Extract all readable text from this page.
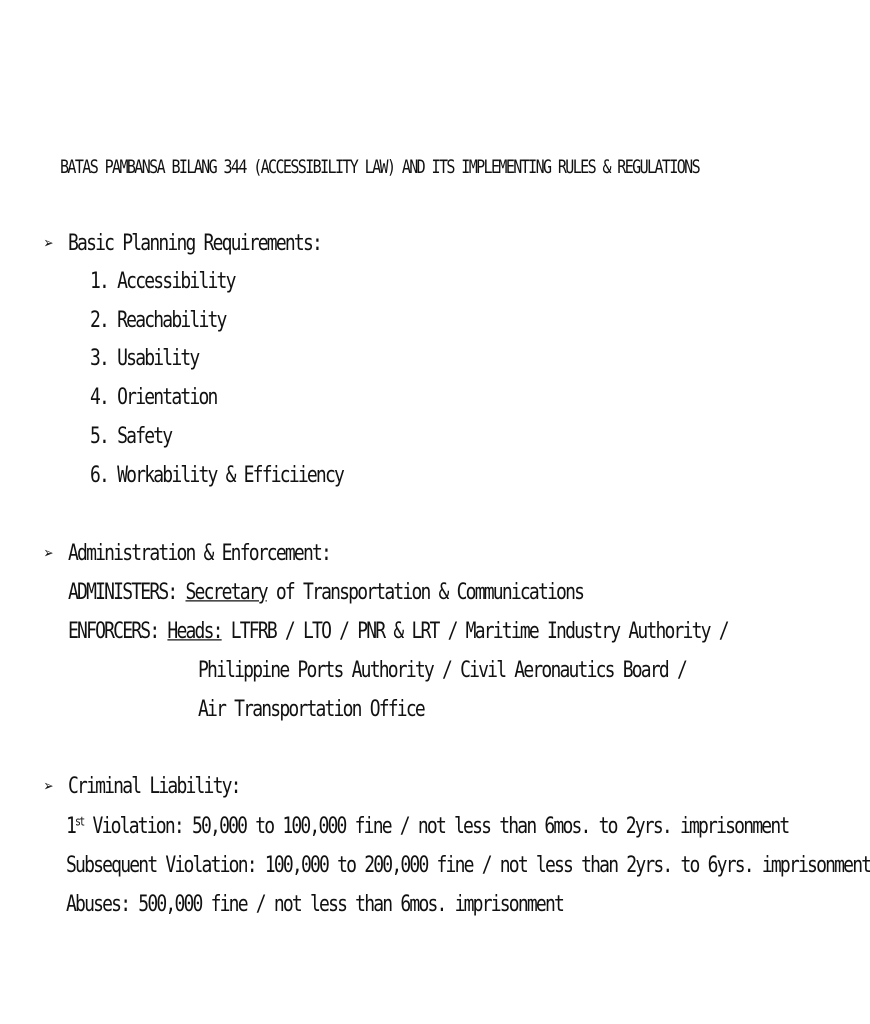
BATAS PAMBANSA BILANG 344 (ACCESSIBILITY LAW) AND ITS IMPLEMENTING RULES & REGULATIONS
➢ Basic Planning Requirements:
1. Accessibility
2. Reachability
3. Usability
4. Orientation
5. Safety
6. Workability & Efficiiency
➢ Administration & Enforcement:
ADMINISTERS: Secretary of Transportation & Communications
ENFORCERS: Heads: LTFRB / LTO / PNR & LRT / Maritime Industry Authority /
Philippine Ports Authority / Civil Aeronautics Board /
Air Transportation Office
➢ Criminal Liability:
1st Violation: 50,000 to 100,000 fine / not less than 6mos. to 2yrs. imprisonment
Subsequent Violation: 100,000 to 200,000 fine / not less than 2yrs. to 6yrs. imprisonment
Abuses: 500,000 fine / not less than 6mos. imprisonment
